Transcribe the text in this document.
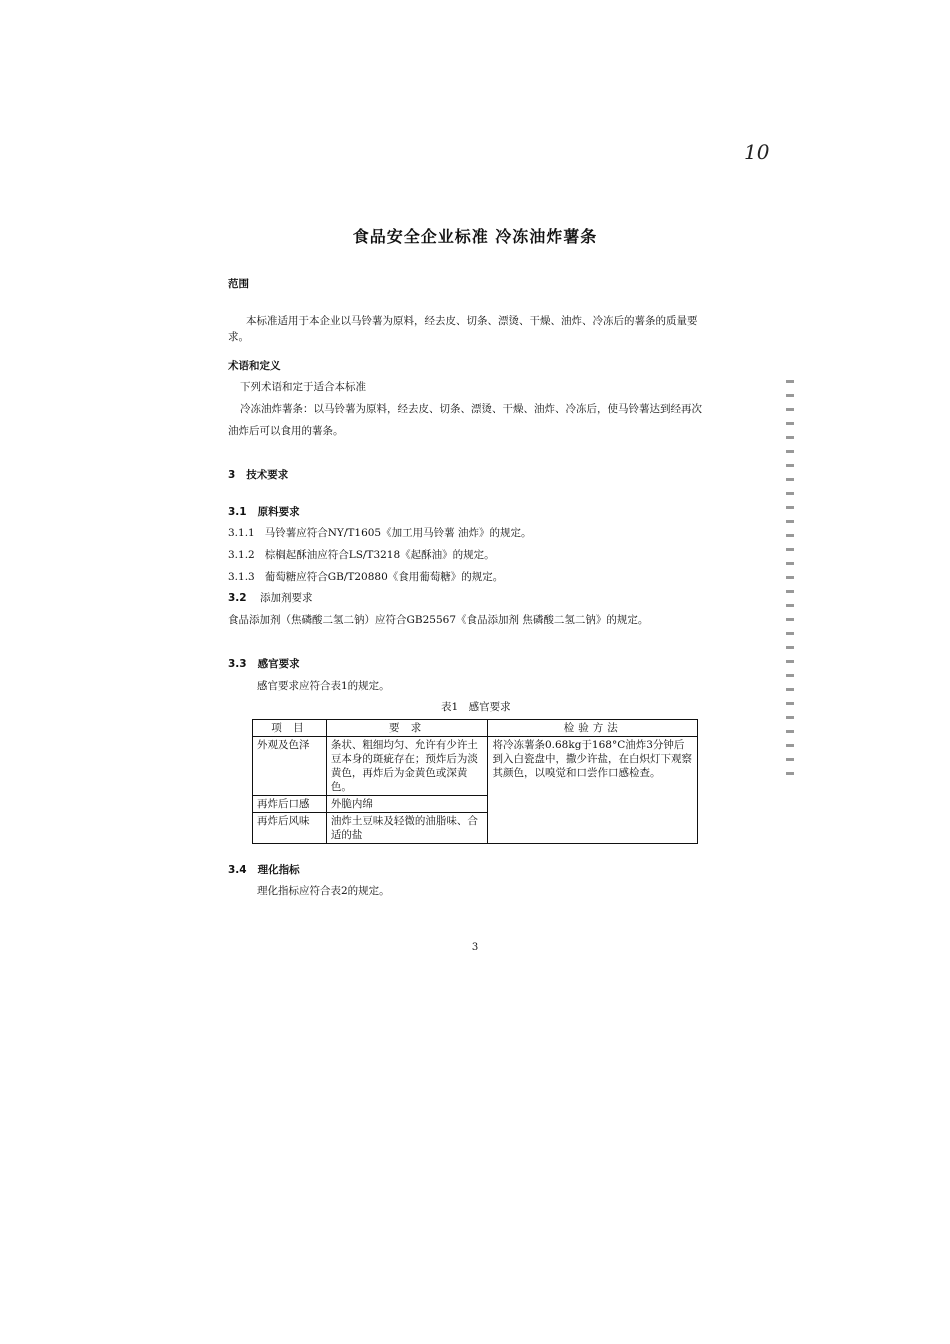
10
食品安全企业标准 冷冻油炸薯条
范围
本标准适用于本企业以马铃薯为原料，经去皮、切条、漂烫、干燥、油炸、冷冻后的薯条的质量要
求。
术语和定义
下列术语和定于适合本标准
冷冻油炸薯条：以马铃薯为原料，经去皮、切条、漂烫、干燥、油炸、冷冻后，使马铃薯达到经再次
油炸后可以食用的薯条。
3 技术要求
3.1 原料要求
3.1.1 马铃薯应符合NY/T1605《加工用马铃薯 油炸》的规定。
3.1.2 棕榈起酥油应符合LS/T3218《起酥油》的规定。
3.1.3 葡萄糖应符合GB/T20880《食用葡萄糖》的规定。
3.2 添加剂要求
食品添加剂（焦磷酸二氢二钠）应符合GB25567《食品添加剂 焦磷酸二氢二钠》的规定。
3.3 感官要求
感官要求应符合表1的规定。
表1　感官要求
项 目	要 求	检验方法
外观及色泽	条状、粗细均匀、允许有少许土豆本身的斑疵存在；预炸后为淡黄色，再炸后为金黄色或深黄色。	将冷冻薯条0.68kg于168°C油炸3分钟后到入白瓷盘中，撒少许盐，在白炽灯下观察其颜色，以嗅觉和口尝作口感检查。
再炸后口感	外脆内绵	
再炸后风味	油炸土豆味及轻微的油脂味、合适的盐	
3.4 理化指标
理化指标应符合表2的规定。
3
